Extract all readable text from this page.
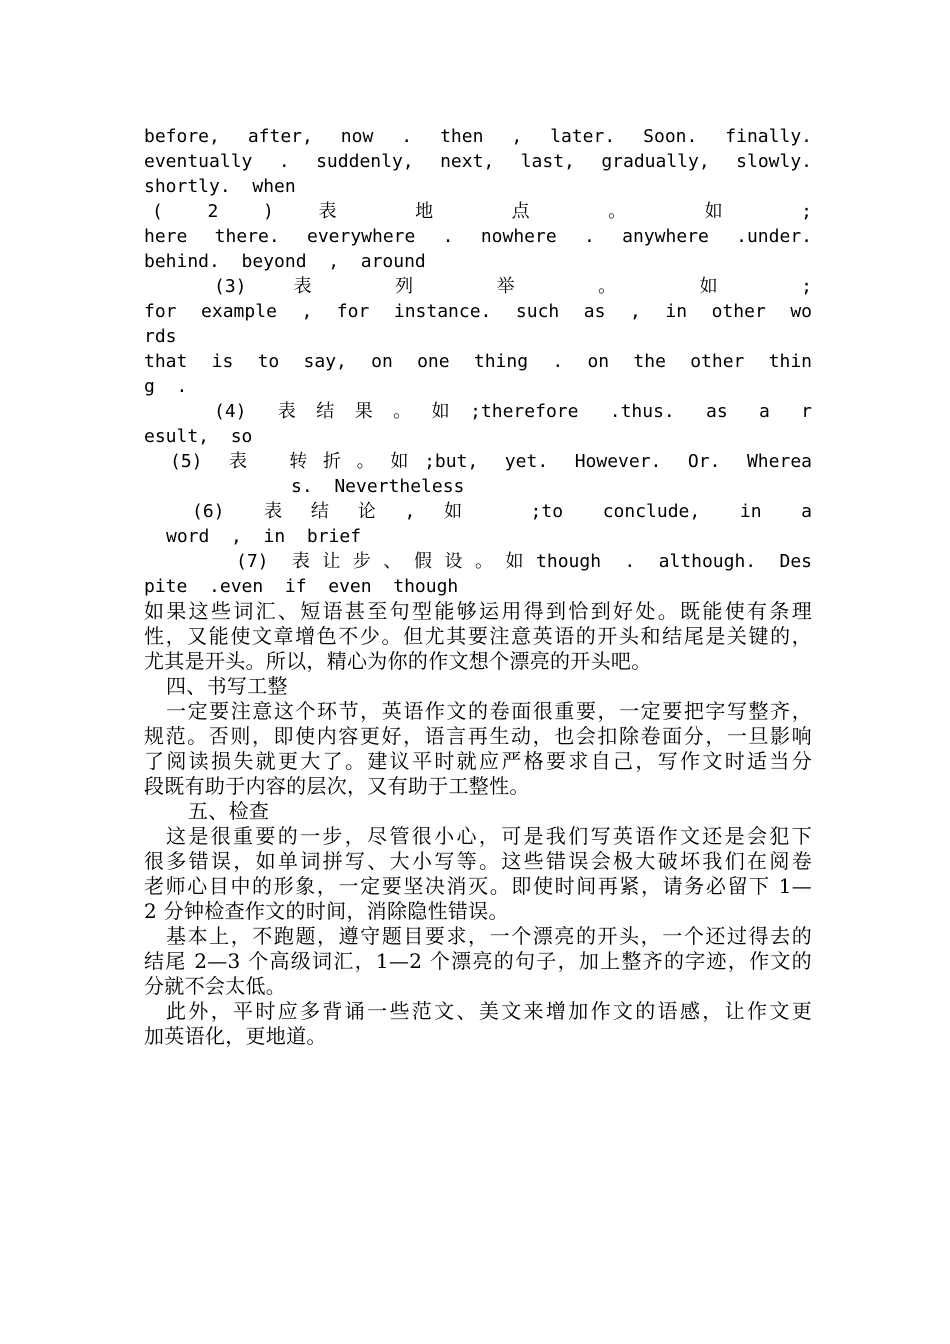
before, after, now . then , later. Soon. finally.
eventually . suddenly, next, last, gradually, slowly.
shortly.  when
( 2 ) 表 地 点 。 如 ;
here there. everywhere . nowhere . anywhere .under.
behind.  beyond  ,  around
(3) 表 列 举 。 如 ;
for example , for instance. such as , in other wo
rds
that is to say, on one thing . on the other thin
g  .
(4) 表结果。如;therefore .thus. as a r
esult,  so
(5) 表 转折。如;but, yet. However. Or. Wherea
s.  Nevertheless
(6) 表结论,如 ;to conclude, in a
word  ,  in  brief
(7) 表让步、假设。如though . although. Des
pite  .even  if  even  though
如果这些词汇、短语甚至句型能够运用得到恰到好处。既能使有条理
性，又能使文章增色不少。但尤其要注意英语的开头和结尾是关键的，
尤其是开头。所以，精心为你的作文想个漂亮的开头吧。
四、书写工整
一定要注意这个环节，英语作文的卷面很重要，一定要把字写整齐，
规范。否则，即使内容更好，语言再生动，也会扣除卷面分，一旦影响
了阅读损失就更大了。建议平时就应严格要求自己，写作文时适当分
段既有助于内容的层次，又有助于工整性。
五、检查
这是很重要的一步，尽管很小心，可是我们写英语作文还是会犯下
很多错误，如单词拼写、大小写等。这些错误会极大破坏我们在阅卷
老师心目中的形象，一定要坚决消灭。即使时间再紧，请务必留下 1—
2 分钟检查作文的时间，消除隐性错误。
基本上，不跑题，遵守题目要求，一个漂亮的开头，一个还过得去的
结尾 2—3 个高级词汇，1—2 个漂亮的句子，加上整齐的字迹，作文的
分就不会太低。
此外，平时应多背诵一些范文、美文来增加作文的语感，让作文更
加英语化，更地道。
